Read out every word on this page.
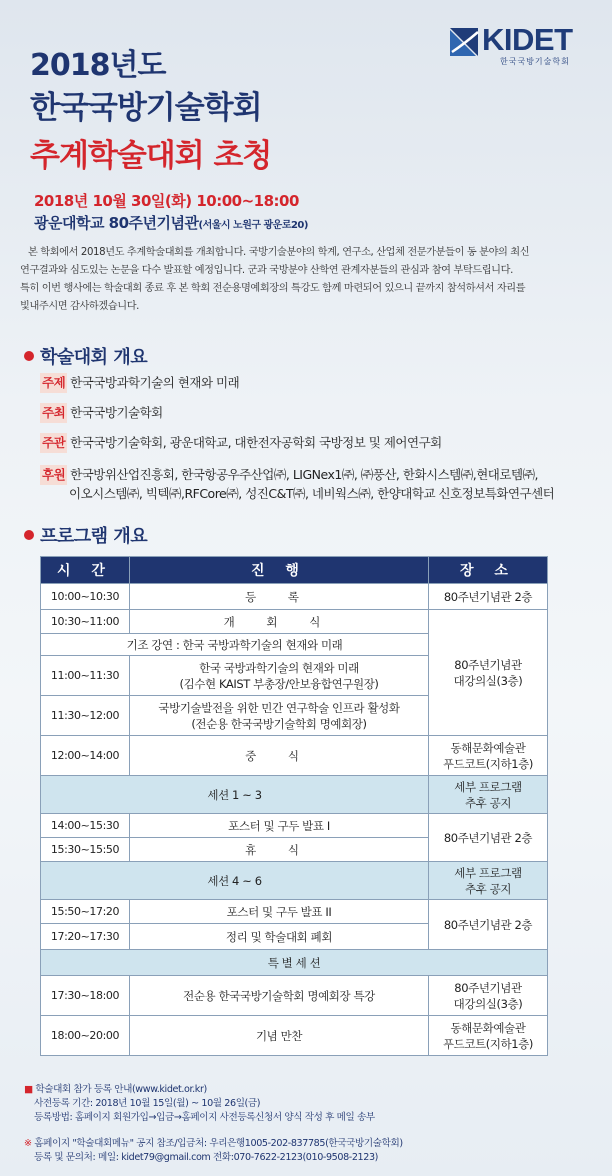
KIDET
한국국방기술학회
2018년도
한국국방기술학회
추계학술대회 초청
2018년 10월 30일(화) 10:00~18:00
광운대학교 80주년기념관(서울시 노원구 광운로20)
본 학회에서 2018년도 추계학술대회를 개최합니다. 국방기술분야의 학계, 연구소, 산업체 전문가분들이 동 분야의 최신
연구결과와 심도있는 논문을 다수 발표할 예정입니다. 군과 국방분야 산학연 관계자분들의 관심과 참여 부탁드립니다.
특히 이번 행사에는 학술대회 종료 후 본 학회 전순용명예회장의 특강도 함께 마련되어 있으니 끝까지 참석하셔서 자리를
빛내주시면 감사하겠습니다.
학술대회 개요
주제 한국국방과학기술의 현재와 미래
주최 한국국방기술학회
주관 한국국방기술학회, 광운대학교, 대한전자공학회 국방정보 및 제어연구회
후원 한국방위산업진흥회, 한국항공우주산업㈜, LIGNex1㈜, ㈜풍산, 한화시스템㈜,현대로템㈜,
이오시스템㈜, 빅텍㈜,RFCore㈜, 성진C&T㈜, 네비웍스㈜, 한양대학교 신호정보특화연구센터
프로그램 개요
시 간	진 행	장 소
10:00~10:30	등 록	80주년기념관 2층
10:30~11:00	개 회 식	80주년기념관
대강의실(3층)

기조 강연 : 한국 국방과학기술의 현재와 미래		
11:00~11:30	한국 국방과학기술의 현재와 미래
(김수현 KAIST 부총장/안보융합연구원장)	

11:30~12:00	국방기술발전을 위한 민간 연구학술 인프라 활성화
(전순용 한국국방기술학회 명예회장)	

12:00~14:00	중 식	동해문화예술관
푸드코트(지하1층)

세션 1 ~ 3		세부 프로그램
추후 공지

14:00~15:30	포스터 및 구두 발표 I	80주년기념관 2층
15:30~15:50	휴 식	
세션 4 ~ 6		세부 프로그램
추후 공지

15:50~17:20	포스터 및 구두 발표 II	80주년기념관 2층
17:20~17:30	정리 및 학술대회 폐회	
특 별 세 션		
17:30~18:00	전순용 한국국방기술학회 명예회장 특강	80주년기념관
대강의실(3층)

18:00~20:00	기념 만찬	동해문화예술관
푸드코트(지하1층)
■ 학술대회 참가 등록 안내(www.kidet.or.kr)
사전등록 기간: 2018년 10월 15일(월) ~ 10월 26일(금)
등록방법: 홈페이지 회원가입→입금→홈페이지 사전등록신청서 양식 작성 후 메일 송부
※ 홈페이지 "학술대회메뉴" 공지 참조/입금처: 우리은행1005-202-837785(한국국방기술학회)
등록 및 문의처: 메일: kidet79@gmail.com 전화:070-7622-2123(010-9508-2123)
